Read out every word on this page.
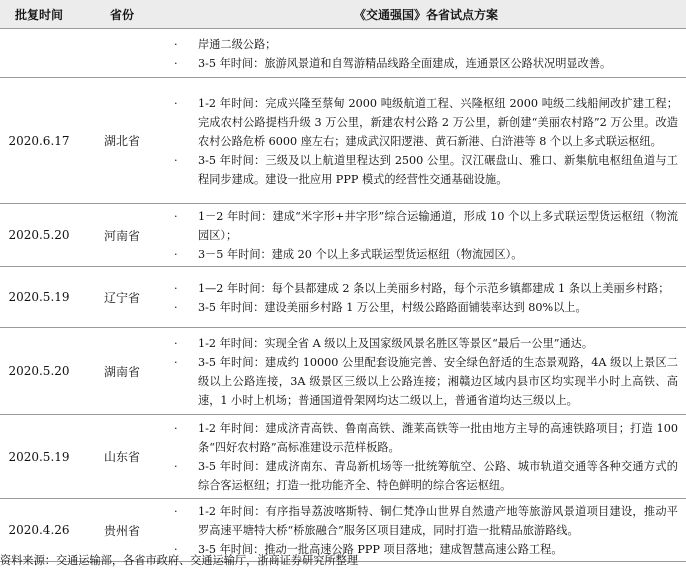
批复时间	省份	《交通强国》各省试点方案

		· 岸通二级公路；
· 3-5 年时间：旅游风景道和自驾游精品线路全面建成，连通景区公路状况明显改善。

2020.6.17	湖北省	· 1-2 年时间：完成兴隆至蔡甸 2000 吨级航道工程、兴隆枢纽 2000 吨级二线船闸改扩建工程；完成农村公路提档升级 3 万公里，新建农村公路 2 万公里，新创建“美丽农村路”2 万公里。改造农村公路危桥 6000 座左右；建成武汉阳逻港、黄石新港、白浒港等 8 个以上多式联运枢纽。
· 3-5 年时间：三级及以上航道里程达到 2500 公里。汉江碾盘山、雅口、新集航电枢纽鱼道与工程同步建成。建设一批应用 PPP 模式的经营性交通基础设施。

2020.5.20	河南省	· 1－2 年时间：建成“米字形+井字形”综合运输通道，形成 10 个以上多式联运型货运枢纽（物流园区）；
· 3－5 年时间：建成 20 个以上多式联运型货运枢纽（物流园区）。

2020.5.19	辽宁省	· 1—2 年时间：每个县都建成 2 条以上美丽乡村路，每个示范乡镇都建成 1 条以上美丽乡村路；
· 3-5 年时间：建设美丽乡村路 1 万公里，村级公路路面铺装率达到 80%以上。

2020.5.20	湖南省	· 1-2 年时间：实现全省 A 级以上及国家级风景名胜区等景区“最后一公里”通达。
· 3-5 年时间：建成约 10000 公里配套设施完善、安全绿色舒适的生态景观路，4A 级以上景区二级以上公路连接，3A 级景区三级以上公路连接；湘赣边区域内县市区均实现半小时上高铁、高速，1 小时上机场；普通国道骨架网均达二级以上，普通省道均达三级以上。

2020.5.19	山东省	· 1-2 年时间：建成济青高铁、鲁南高铁、潍莱高铁等一批由地方主导的高速铁路项目；打造 100 条“四好农村路”高标准建设示范样板路。
· 3-5 年时间：建成济南东、青岛新机场等一批统筹航空、公路、城市轨道交通等各种交通方式的综合客运枢纽；打造一批功能齐全、特色鲜明的综合客运枢纽。

2020.4.26	贵州省	· 1-2 年时间：有序指导荔波喀斯特、铜仁梵净山世界自然遗产地等旅游风景道项目建设，推动平罗高速平塘特大桥“桥旅融合”服务区项目建成，同时打造一批精品旅游路线。
· 3-5 年时间：推动一批高速公路 PPP 项目落地；建成智慧高速公路工程。
资料来源：交通运输部，各省市政府、交通运输厅，浙商证券研究所整理
